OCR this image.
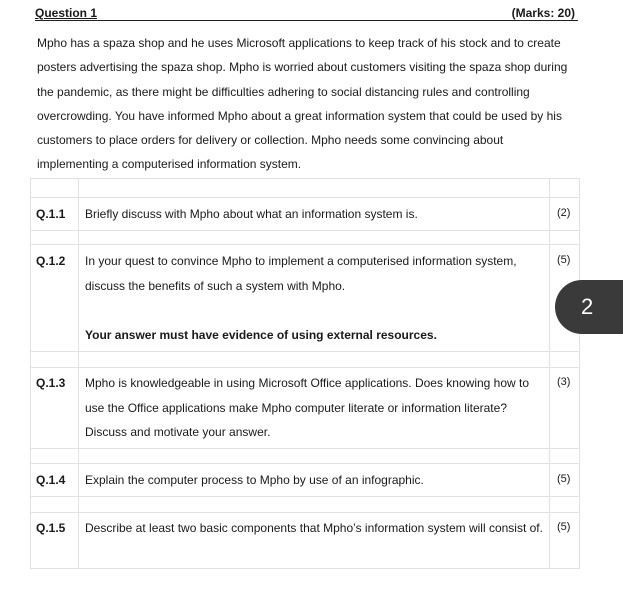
Question 1	(Marks: 20)
Mpho has a spaza shop and he uses Microsoft applications to keep track of his stock and to create posters advertising the spaza shop. Mpho is worried about customers visiting the spaza shop during the pandemic, as there might be difficulties adhering to social distancing rules and controlling overcrowding. You have informed Mpho about a great information system that could be used by his customers to place orders for delivery or collection. Mpho needs some convincing about implementing a computerised information system.
Q.1.1 Briefly discuss with Mpho about what an information system is.	(2)
Q.1.2 In your quest to convince Mpho to implement a computerised information system, discuss the benefits of such a system with Mpho.
Your answer must have evidence of using external resources.
(5)
Q.1.3 Mpho is knowledgeable in using Microsoft Office applications. Does knowing how to use the Office applications make Mpho computer literate or information literate? Discuss and motivate your answer.
(3)
Q.1.4 Explain the computer process to Mpho by use of an infographic.	(5)
Q.1.5 Describe at least two basic components that Mpho’s information system will consist of. (5)
2
